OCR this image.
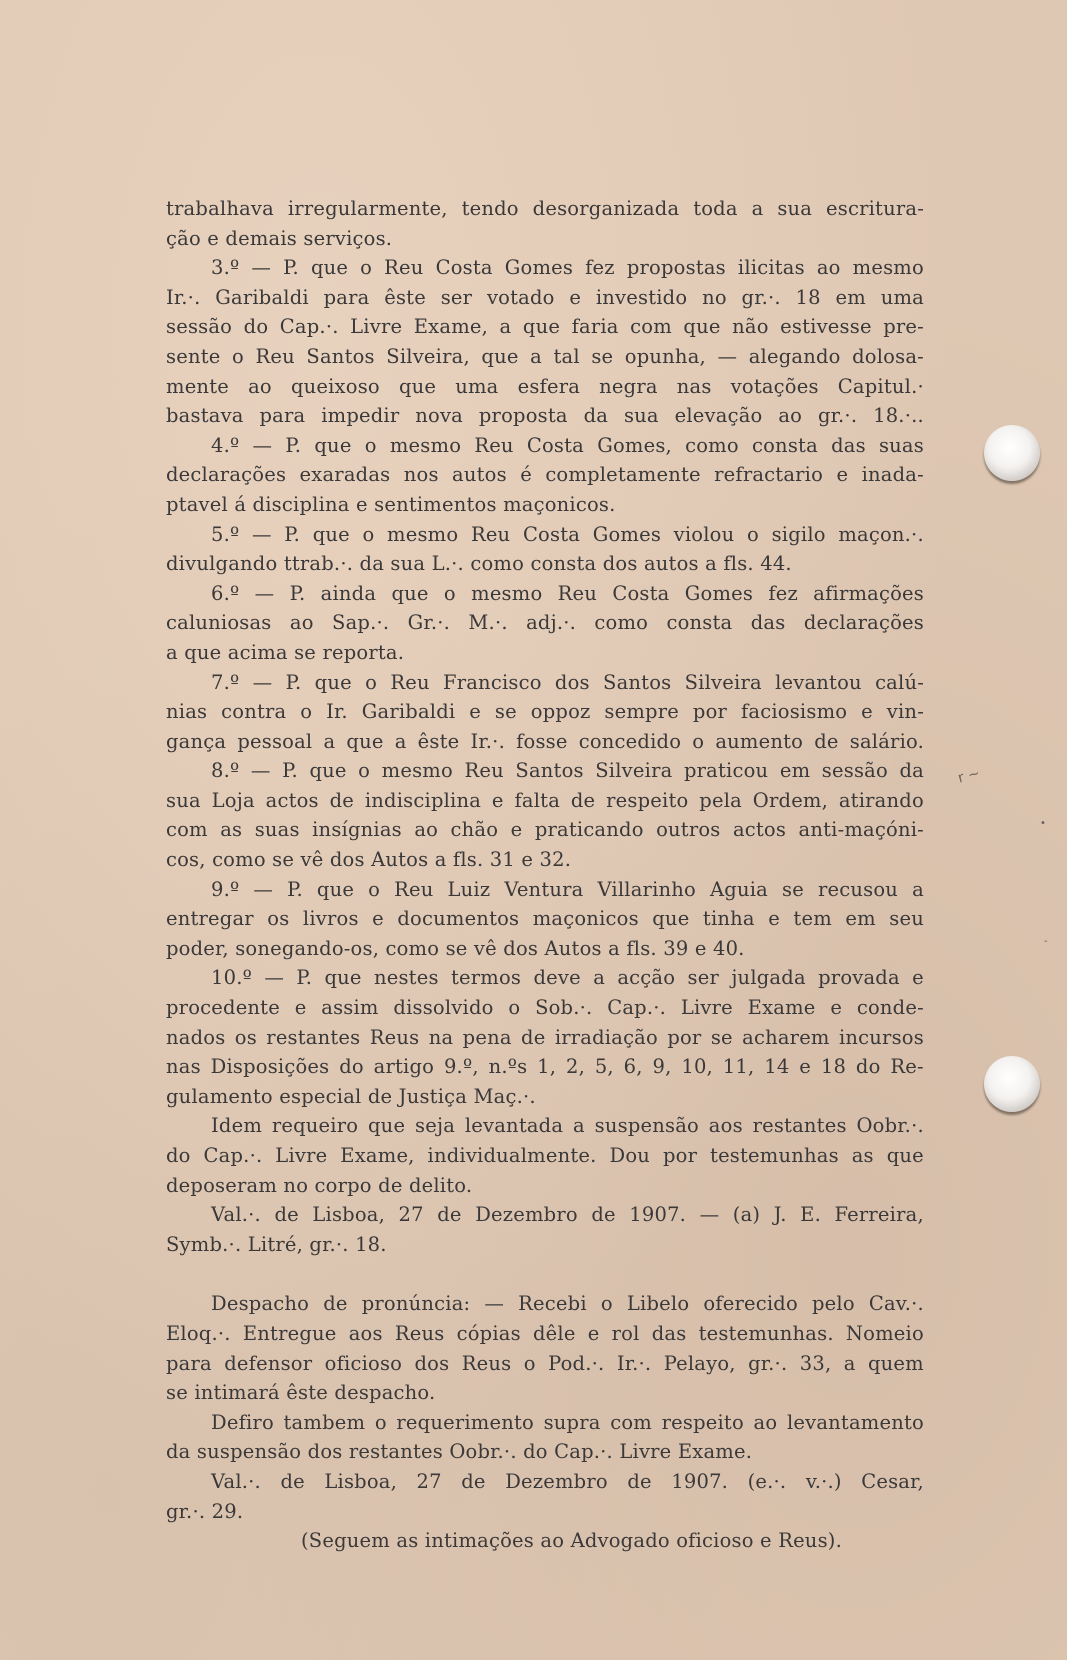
trabalhava irregularmente, tendo desorganizada toda a sua escritura-
ção e demais serviços.
3.º — P. que o Reu Costa Gomes fez propostas ilicitas ao mesmo
Ir.·. Garibaldi para êste ser votado e investido no gr.·. 18 em uma
sessão do Cap.·. Livre Exame, a que faria com que não estivesse pre-
sente o Reu Santos Silveira, que a tal se opunha, — alegando dolosa-
mente ao queixoso que uma esfera negra nas votações Capitul.·
bastava para impedir nova proposta da sua elevação ao gr.·. 18.·..
4.º — P. que o mesmo Reu Costa Gomes, como consta das suas
declarações exaradas nos autos é completamente refractario e inada-
ptavel á disciplina e sentimentos maçonicos.
5.º — P. que o mesmo Reu Costa Gomes violou o sigilo maçon.·.
divulgando ttrab.·. da sua L.·. como consta dos autos a fls. 44.
6.º — P. ainda que o mesmo Reu Costa Gomes fez afirmações
caluniosas ao Sap.·. Gr.·. M.·. adj.·. como consta das declarações
a que acima se reporta.
7.º — P. que o Reu Francisco dos Santos Silveira levantou calú-
nias contra o Ir. Garibaldi e se oppoz sempre por faciosismo e vin-
gança pessoal a que a êste Ir.·. fosse concedido o aumento de salário.
8.º — P. que o mesmo Reu Santos Silveira praticou em sessão da
sua Loja actos de indisciplina e falta de respeito pela Ordem, atirando
com as suas insígnias ao chão e praticando outros actos anti-maçóni-
cos, como se vê dos Autos a fls. 31 e 32.
9.º — P. que o Reu Luiz Ventura Villarinho Aguia se recusou a
entregar os livros e documentos maçonicos que tinha e tem em seu
poder, sonegando-os, como se vê dos Autos a fls. 39 e 40.
10.º — P. que nestes termos deve a acção ser julgada provada e
procedente e assim dissolvido o Sob.·. Cap.·. Livre Exame e conde-
nados os restantes Reus na pena de irradiação por se acharem incursos
nas Disposições do artigo 9.º, n.ºs 1, 2, 5, 6, 9, 10, 11, 14 e 18 do Re-
gulamento especial de Justiça Maç.·.
Idem requeiro que seja levantada a suspensão aos restantes Oobr.·.
do Cap.·. Livre Exame, individualmente. Dou por testemunhas as que
deposeram no corpo de delito.
Val.·. de Lisboa, 27 de Dezembro de 1907. — (a) J. E. Ferreira,
Symb.·. Litré, gr.·. 18.
Despacho de pronúncia: — Recebi o Libelo oferecido pelo Cav.·.
Eloq.·. Entregue aos Reus cópias dêle e rol das testemunhas. Nomeio
para defensor oficioso dos Reus o Pod.·. Ir.·. Pelayo, gr.·. 33, a quem
se intimará êste despacho.
Defiro tambem o requerimento supra com respeito ao levantamento
da suspensão dos restantes Oobr.·. do Cap.·. Livre Exame.
Val.·. de Lisboa, 27 de Dezembro de 1907. (e.·. v.·.) Cesar,
gr.·. 29.
(Seguem as intimações ao Advogado oficioso e Reus).
r ~
•
-
